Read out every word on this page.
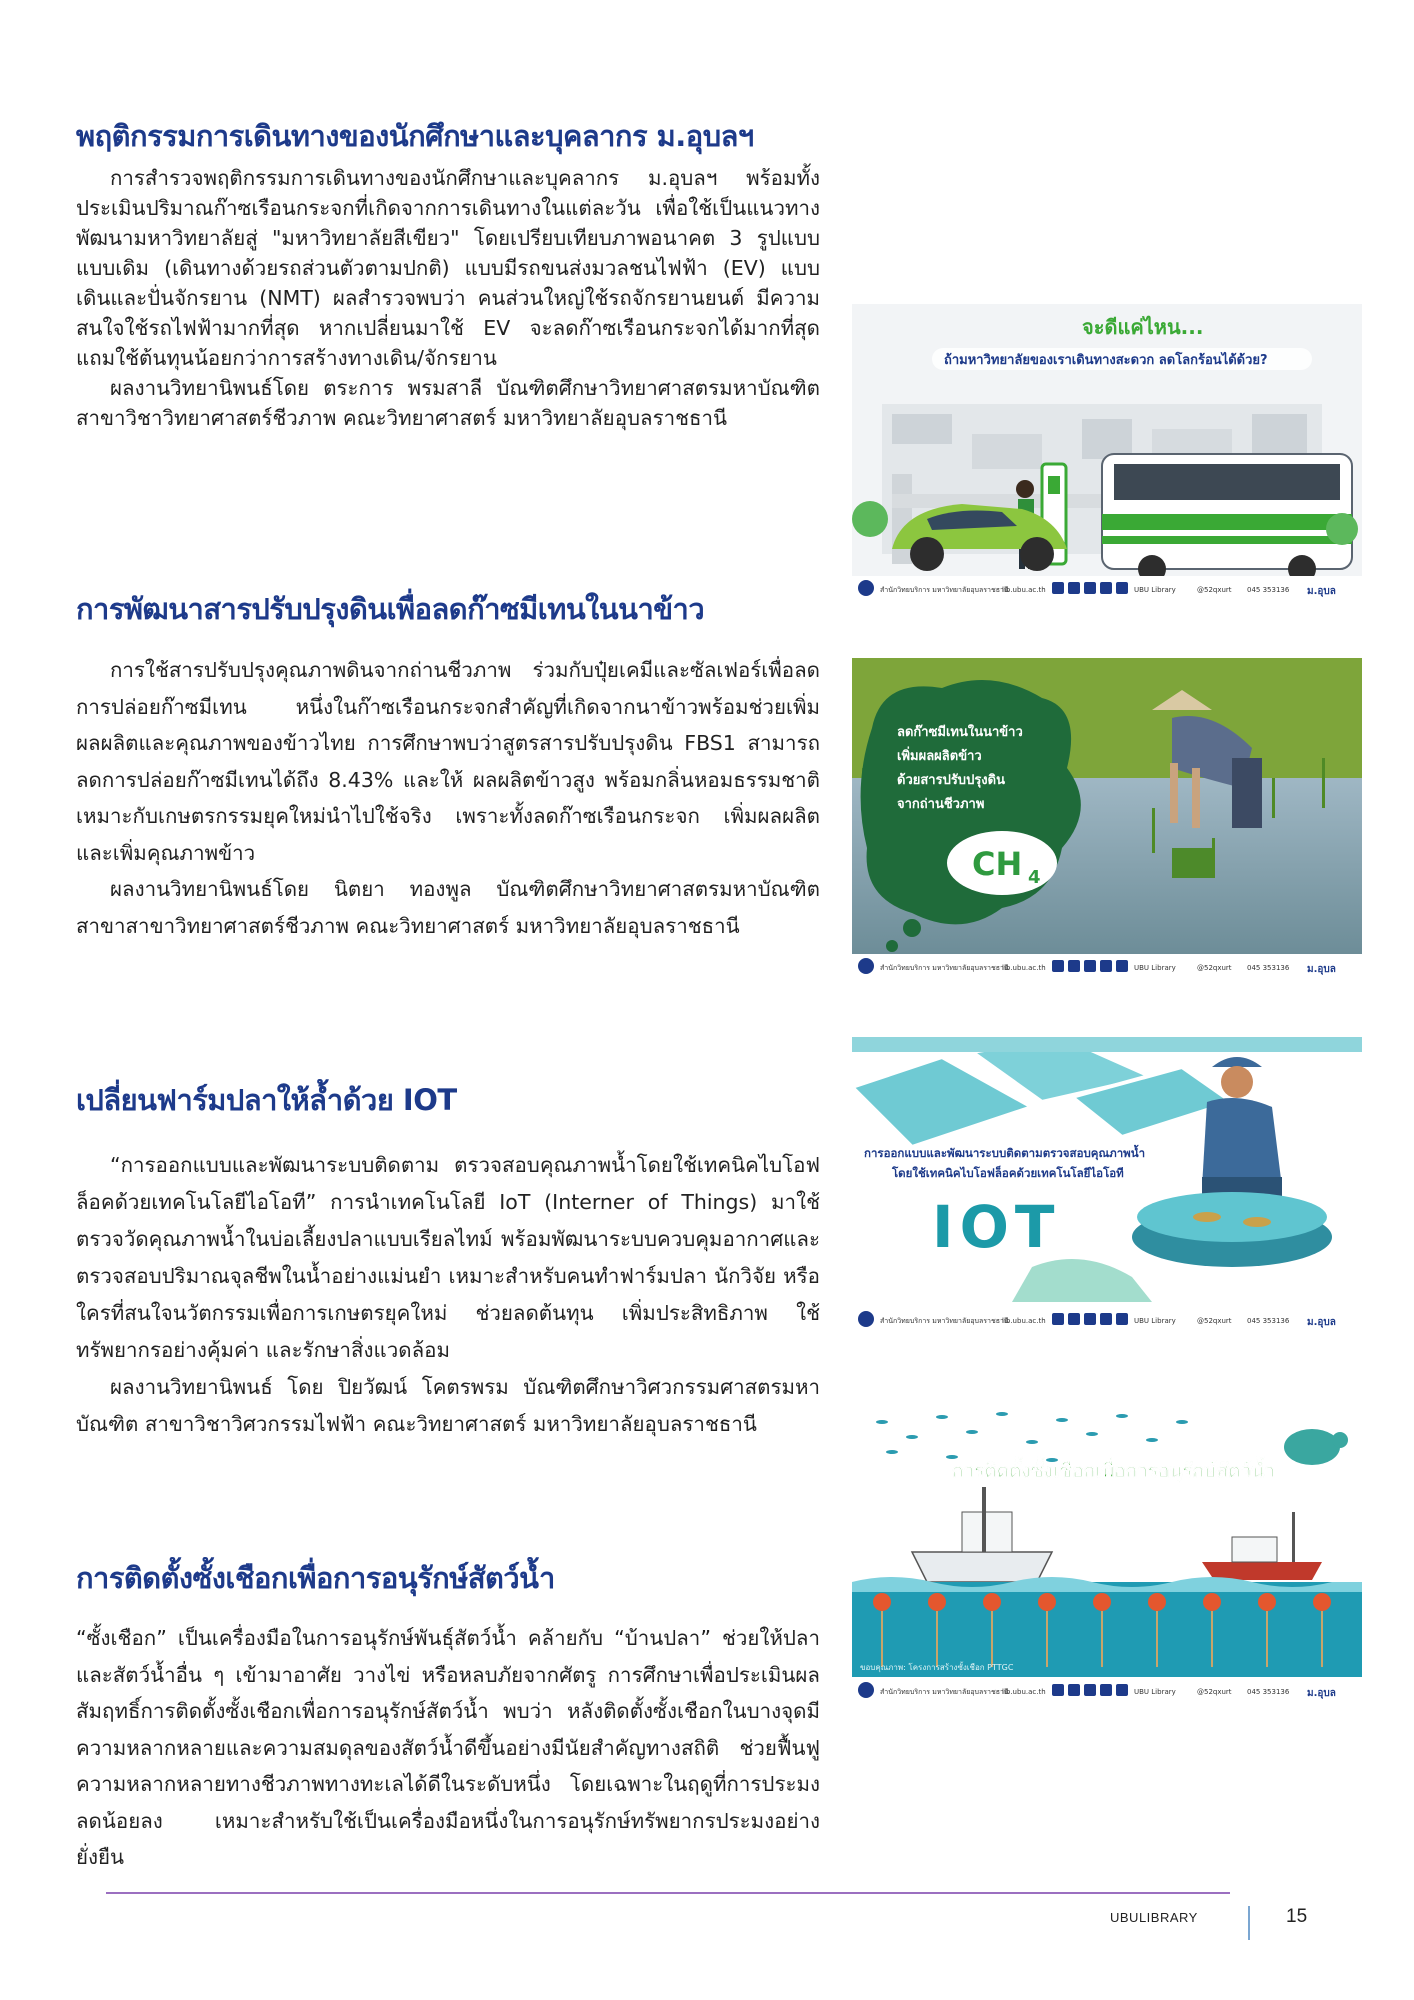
พฤติกรรมการเดินทางของนักศึกษาและบุคลากร ม.อุบลฯ

การสำรวจพฤติกรรมการเดินทางของนักศึกษาและบุคลากร ม.อุบลฯ พร้อมทั้งประเมินปริมาณก๊าซเรือนกระจกที่เกิดจากการเดินทางในแต่ละวัน เพื่อใช้เป็นแนวทางพัฒนามหาวิทยาลัยสู่ "มหาวิทยาลัยสีเขียว" โดยเปรียบเทียบภาพอนาคต 3 รูปแบบ แบบเดิม (เดินทางด้วยรถส่วนตัวตามปกติ) แบบมีรถขนส่งมวลชนไฟฟ้า (EV) แบบเดินและปั่นจักรยาน (NMT) ผลสำรวจพบว่า คนส่วนใหญ่ใช้รถจักรยานยนต์ มีความสนใจใช้รถไฟฟ้ามากที่สุด หากเปลี่ยนมาใช้ EV จะลดก๊าซเรือนกระจกได้มากที่สุด แถมใช้ต้นทุนน้อยกว่าการสร้างทางเดิน/จักรยาน

ผลงานวิทยานิพนธ์โดย ตระการ พรมสาลี บัณฑิตศึกษาวิทยาศาสตรมหาบัณฑิต สาขาวิชาวิทยาศาสตร์ชีวภาพ คณะวิทยาศาสตร์ มหาวิทยาลัยอุบลราชธานี

จะดีแค่ไหน...
ถ้ามหาวิทยาลัยของเราเดินทางสะดวก ลดโลกร้อนได้ด้วย?
สำนักวิทยบริการ มหาวิทยาลัยอุบลราชธานี
lib.ubu.ac.th	UBU Library	@52qxurt 045 353136 ม.อุบล
การพัฒนาสารปรับปรุงดินเพื่อลดก๊าซมีเทนในนาข้าว

การใช้สารปรับปรุงคุณภาพดินจากถ่านชีวภาพ ร่วมกับปุ๋ยเคมีและซัลเฟอร์เพื่อลดการปล่อยก๊าซมีเทน หนึ่งในก๊าซเรือนกระจกสำคัญที่เกิดจากนาข้าวพร้อมช่วยเพิ่มผลผลิตและคุณภาพของข้าวไทย การศึกษาพบว่าสูตรสารปรับปรุงดิน FBS1 สามารถลดการปล่อยก๊าซมีเทนได้ถึง 8.43% และให้ ผลผลิตข้าวสูง พร้อมกลิ่นหอมธรรมชาติ เหมาะกับเกษตรกรรมยุคใหม่นำไปใช้จริง เพราะทั้งลดก๊าซเรือนกระจก เพิ่มผลผลิต และเพิ่มคุณภาพข้าว

ผลงานวิทยานิพนธ์โดย นิตยา ทองพูล บัณฑิตศึกษาวิทยาศาสตรมหาบัณฑิต สาขาสาขาวิทยาศาสตร์ชีวภาพ คณะวิทยาศาสตร์ มหาวิทยาลัยอุบลราชธานี

ลดก๊าซมีเทนในนาข้าว
เพิ่มผลผลิตข้าว
ด้วยสารปรับปรุงดิน
จากถ่านชีวภาพ
CH 4
สำนักวิทยบริการ มหาวิทยาลัยอุบลราชธานี
lib.ubu.ac.th	UBU Library	@52qxurt 045 353136 ม.อุบล
เปลี่ยนฟาร์มปลาให้ล้ำด้วย IOT

“การออกแบบและพัฒนาระบบติดตาม ตรวจสอบคุณภาพน้ำโดยใช้เทคนิคไบโอฟล็อคด้วยเทคโนโลยีไอโอที” การนำเทคโนโลยี IoT (Interner of Things) มาใช้ตรวจวัดคุณภาพน้ำในบ่อเลี้ยงปลาแบบเรียลไทม์ พร้อมพัฒนาระบบควบคุมอากาศและตรวจสอบปริมาณจุลชีพในน้ำอย่างแม่นยำ เหมาะสำหรับคนทำฟาร์มปลา นักวิจัย หรือใครที่สนใจนวัตกรรมเพื่อการเกษตรยุคใหม่ ช่วยลดต้นทุน เพิ่มประสิทธิภาพ ใช้ทรัพยากรอย่างคุ้มค่า และรักษาสิ่งแวดล้อม

ผลงานวิทยานิพนธ์ โดย ปิยวัฒน์ โคตรพรม บัณฑิตศึกษาวิศวกรรมศาสตรมหาบัณฑิต สาขาวิชาวิศวกรรมไฟฟ้า คณะวิทยาศาสตร์ มหาวิทยาลัยอุบลราชธานี

การออกแบบและพัฒนาระบบติดตามตรวจสอบคุณภาพน้ำ
โดยใช้เทคนิคไบโอฟล็อคด้วยเทคโนโลยีไอโอที
IOT
สำนักวิทยบริการ มหาวิทยาลัยอุบลราชธานี
lib.ubu.ac.th	UBU Library	@52qxurt 045 353136 ม.อุบล
การติดตั้งซั้งเชือกเพื่อการอนุรักษ์สัตว์น้ำ

“ซั้งเชือก” เป็นเครื่องมือในการอนุรักษ์พันธุ์สัตว์น้ำ คล้ายกับ “บ้านปลา” ช่วยให้ปลาและสัตว์น้ำอื่น ๆ เข้ามาอาศัย วางไข่ หรือหลบภัยจากศัตรู การศึกษาเพื่อประเมินผลสัมฤทธิ์การติดตั้งซั้งเชือกเพื่อการอนุรักษ์สัตว์น้ำ พบว่า หลังติดตั้งซั้งเชือกในบางจุดมีความหลากหลายและความสมดุลของสัตว์น้ำดีขึ้นอย่างมีนัยสำคัญทางสถิติ ช่วยฟื้นฟูความหลากหลายทางชีวภาพทางทะเลได้ดีในระดับหนึ่ง โดยเฉพาะในฤดูที่การประมงลดน้อยลง เหมาะสำหรับใช้เป็นเครื่องมือหนึ่งในการอนุรักษ์ทรัพยากรประมงอย่างยั่งยืน

การติดตั้งซั้งเชือกเพื่อการอนุรักษ์สัตว์น้ำ
ขอบคุณภาพ: โครงการสร้างซั้งเชือก PTTGC
สำนักวิทยบริการ มหาวิทยาลัยอุบลราชธานี
lib.ubu.ac.th	UBU Library	@52qxurt 045 353136 ม.อุบล
UBULIBRARY	15
